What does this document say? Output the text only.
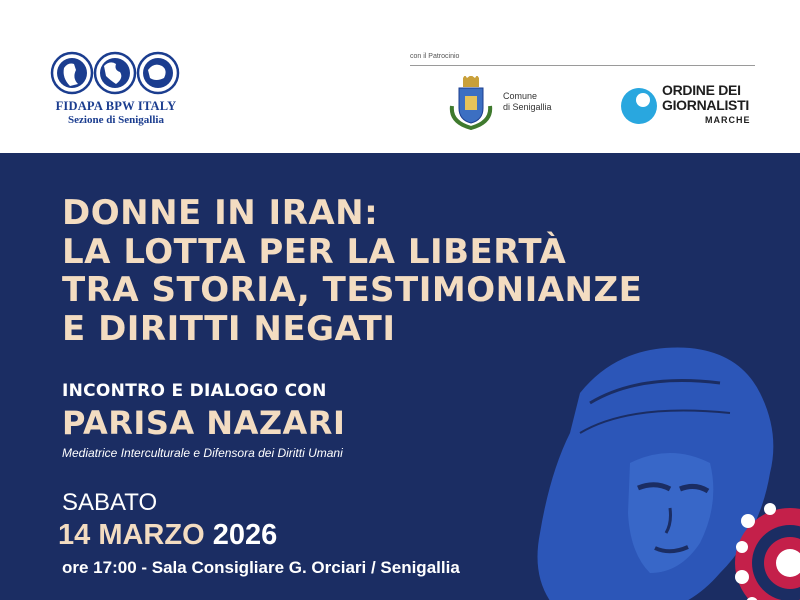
FIDAPA BPW ITALY
Sezione di Senigallia
con il Patrocinio
Comune
di Senigallia
ORDINE DEI
GIORNALISTI
MARCHE
DONNE IN IRAN:
LA LOTTA PER LA LIBERTÀ
TRA STORIA, TESTIMONIANZE
E DIRITTI NEGATI
INCONTRO E DIALOGO CON
PARISA NAZARI
Mediatrice Interculturale e Difensora dei Diritti Umani
SABATO
14 MARZO 2026
ore 17:00 - Sala Consigliare G. Orciari / Senigallia
